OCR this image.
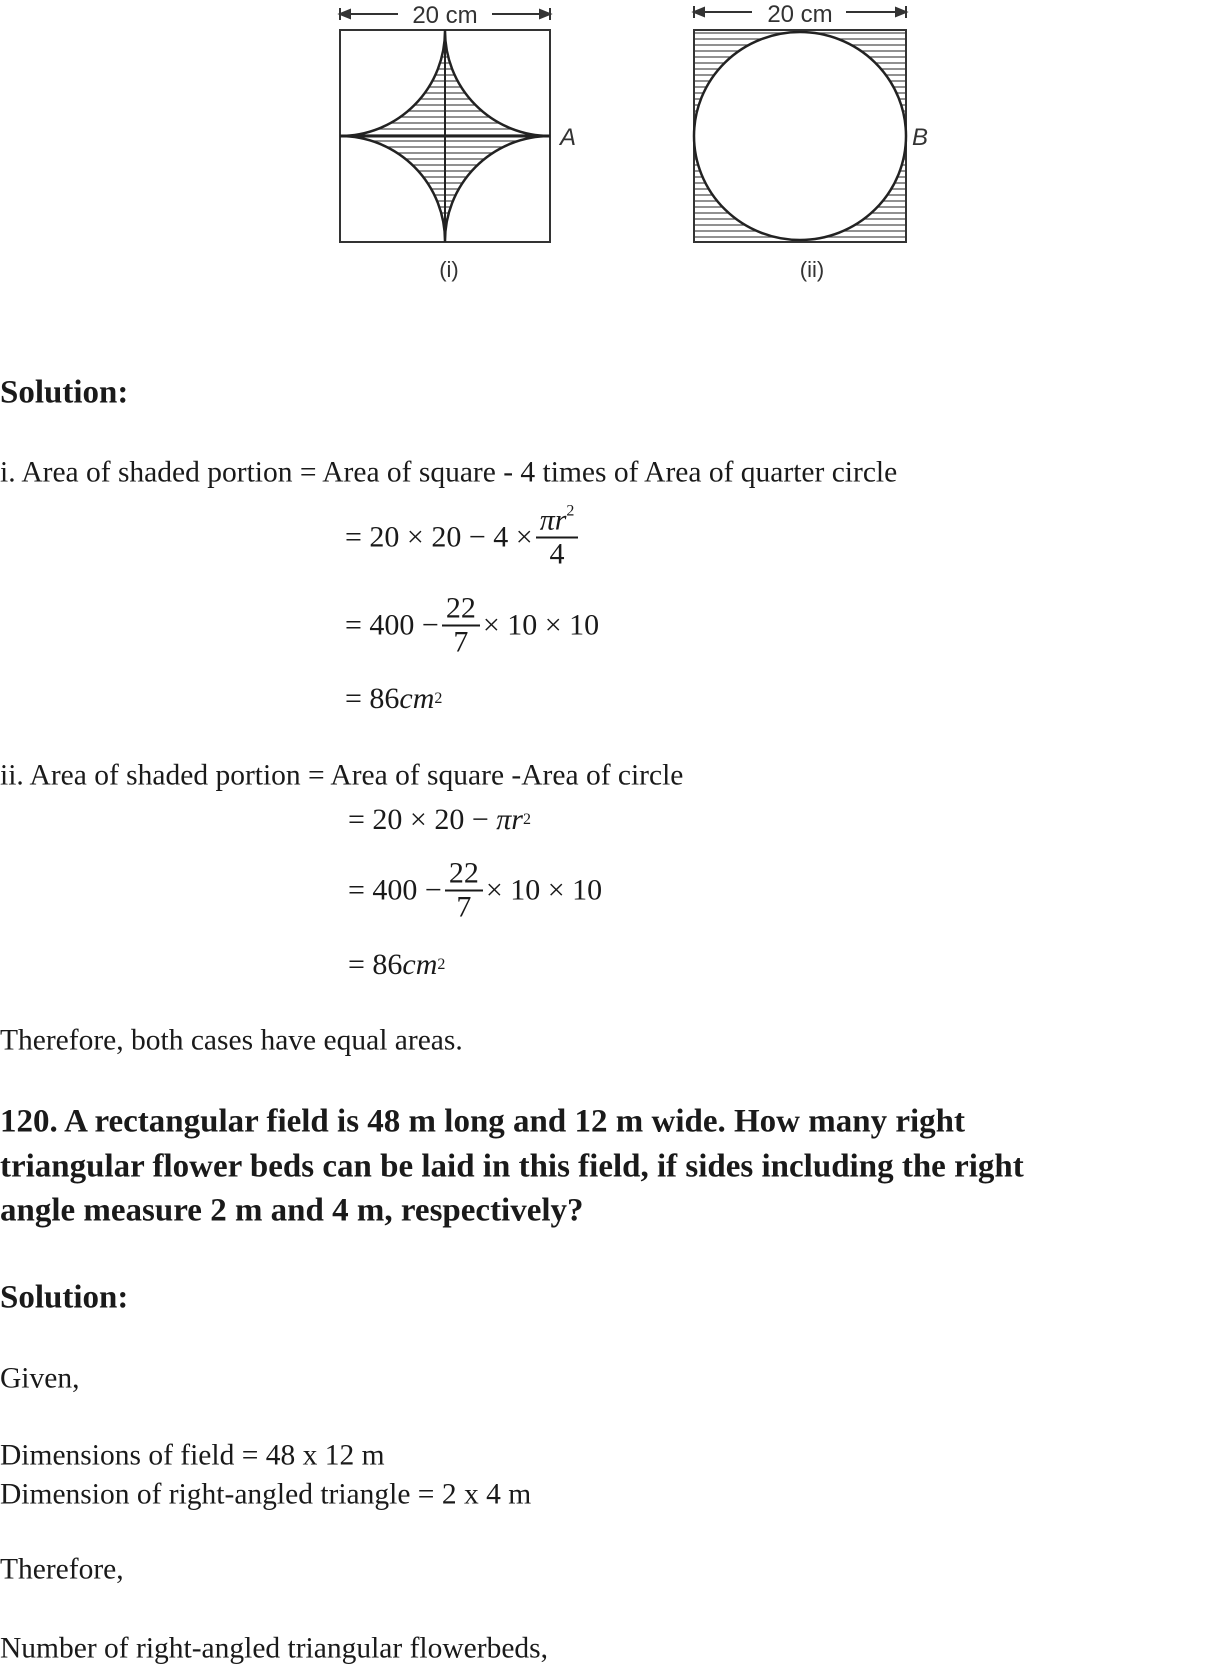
20 cm
A
(i)
20 cm
B
(ii)
Solution:
i. Area of shaded portion = Area of square - 4 times of Area of quarter circle
= $20 \times 20 - 4 \times \frac{\pi r^2}{4}$
= $400 - \frac{22}{7} \times 10 \times 10$
= 86 cm 2
ii. Area of shaded portion = Area of square -Area of circle
= 20 × 20 −
π r 2
= $400 - \frac{22}{7} \times 10 \times 10$
= 86 cm 2
Therefore, both cases have equal areas.
120. A rectangular field is 48 m long and 12 m wide. How many right
triangular flower beds can be laid in this field, if sides including the right
angle measure 2 m and 4 m, respectively?
Solution:
Given,
Dimensions of field = 48 x 12 m
Dimension of right-angled triangle = 2 x 4 m
Therefore,
Number of right-angled triangular flowerbeds,
